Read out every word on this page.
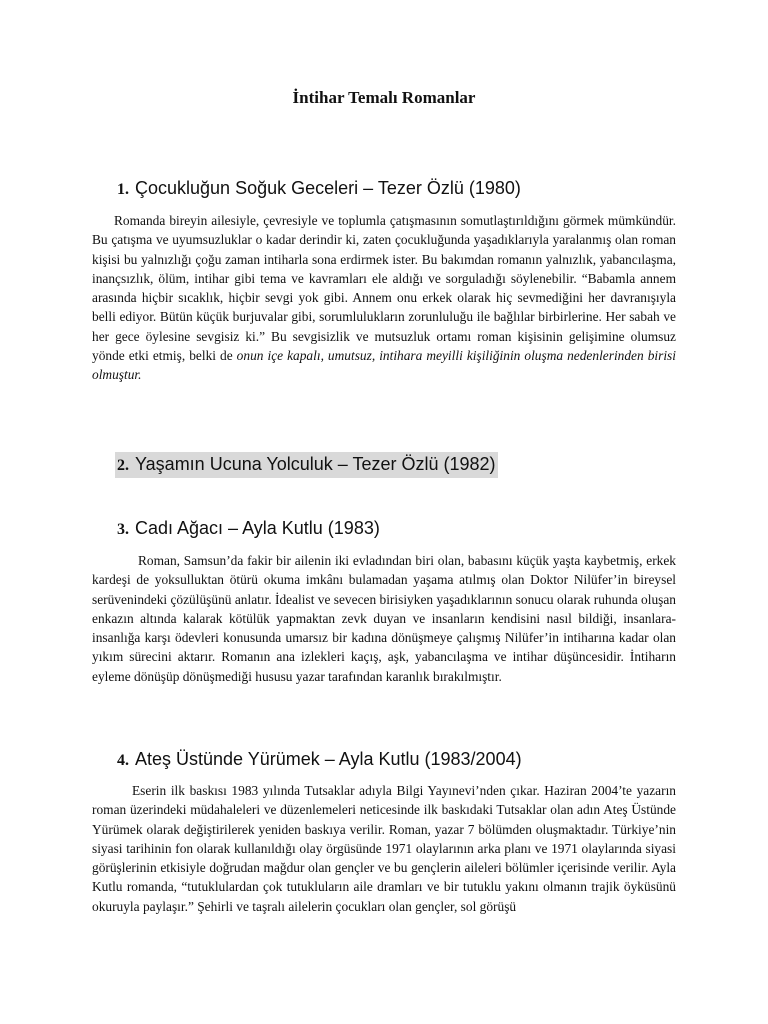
İntihar Temalı Romanlar
1. Çocukluğun Soğuk Geceleri – Tezer Özlü (1980)

Romanda bireyin ailesiyle, çevresiyle ve toplumla çatışmasının somutlaştırıldığını görmek mümkündür. Bu çatışma ve uyumsuzluklar o kadar derindir ki, zaten çocukluğunda yaşadıklarıyla yaralanmış olan roman kişisi bu yalnızlığı çoğu zaman intiharla sona erdirmek ister. Bu bakımdan romanın yalnızlık, yabancılaşma, inançsızlık, ölüm, intihar gibi tema ve kavramları ele aldığı ve sorguladığı söylenebilir. “Babamla annem arasında hiçbir sıcaklık, hiçbir sevgi yok gibi. Annem onu erkek olarak hiç sevmediğini her davranışıyla belli ediyor. Bütün küçük burjuvalar gibi, sorumlulukların zorunluluğu ile bağlılar birbirlerine. Her sabah ve her gece öylesine sevgisiz ki.” Bu sevgisizlik ve mutsuzluk ortamı roman kişisinin gelişimine olumsuz yönde etki etmiş, belki de onun içe kapalı, umutsuz, intihara meyilli kişiliğinin oluşma nedenlerinden birisi olmuştur.

2. Yaşamın Ucuna Yolculuk – Tezer Özlü (1982)
3. Cadı Ağacı – Ayla Kutlu (1983)

Roman, Samsun’da fakir bir ailenin iki evladından biri olan, babasını küçük yaşta kaybetmiş, erkek kardeşi de yoksulluktan ötürü okuma imkânı bulamadan yaşama atılmış olan Doktor Nilüfer’in bireysel serüvenindeki çözülüşünü anlatır. İdealist ve sevecen birisiyken yaşadıklarının sonucu olarak ruhunda oluşan enkazın altında kalarak kötülük yapmaktan zevk duyan ve insanların kendisini nasıl bildiği, insanlara-insanlığa karşı ödevleri konusunda umarsız bir kadına dönüşmeye çalışmış Nilüfer’in intiharına kadar olan yıkım sürecini aktarır. Romanın ana izlekleri kaçış, aşk, yabancılaşma ve intihar düşüncesidir. İntiharın eyleme dönüşüp dönüşmediği hususu yazar tarafından karanlık bırakılmıştır.

4. Ateş Üstünde Yürümek – Ayla Kutlu (1983/2004)

Eserin ilk baskısı 1983 yılında Tutsaklar adıyla Bilgi Yayınevi’nden çıkar. Haziran 2004’te yazarın roman üzerindeki müdahaleleri ve düzenlemeleri neticesinde ilk baskıdaki Tutsaklar olan adın Ateş Üstünde Yürümek olarak değiştirilerek yeniden baskıya verilir. Roman, yazar 7 bölümden oluşmaktadır. Türkiye’nin siyasi tarihinin fon olarak kullanıldığı olay örgüsünde 1971 olaylarının arka planı ve 1971 olaylarında siyasi görüşlerinin etkisiyle doğrudan mağdur olan gençler ve bu gençlerin aileleri bölümler içerisinde verilir. Ayla Kutlu romanda, “tutuklulardan çok tutukluların aile dramları ve bir tutuklu yakını olmanın trajik öyküsünü okuruyla paylaşır.” Şehirli ve taşralı ailelerin çocukları olan gençler, sol görüşü
